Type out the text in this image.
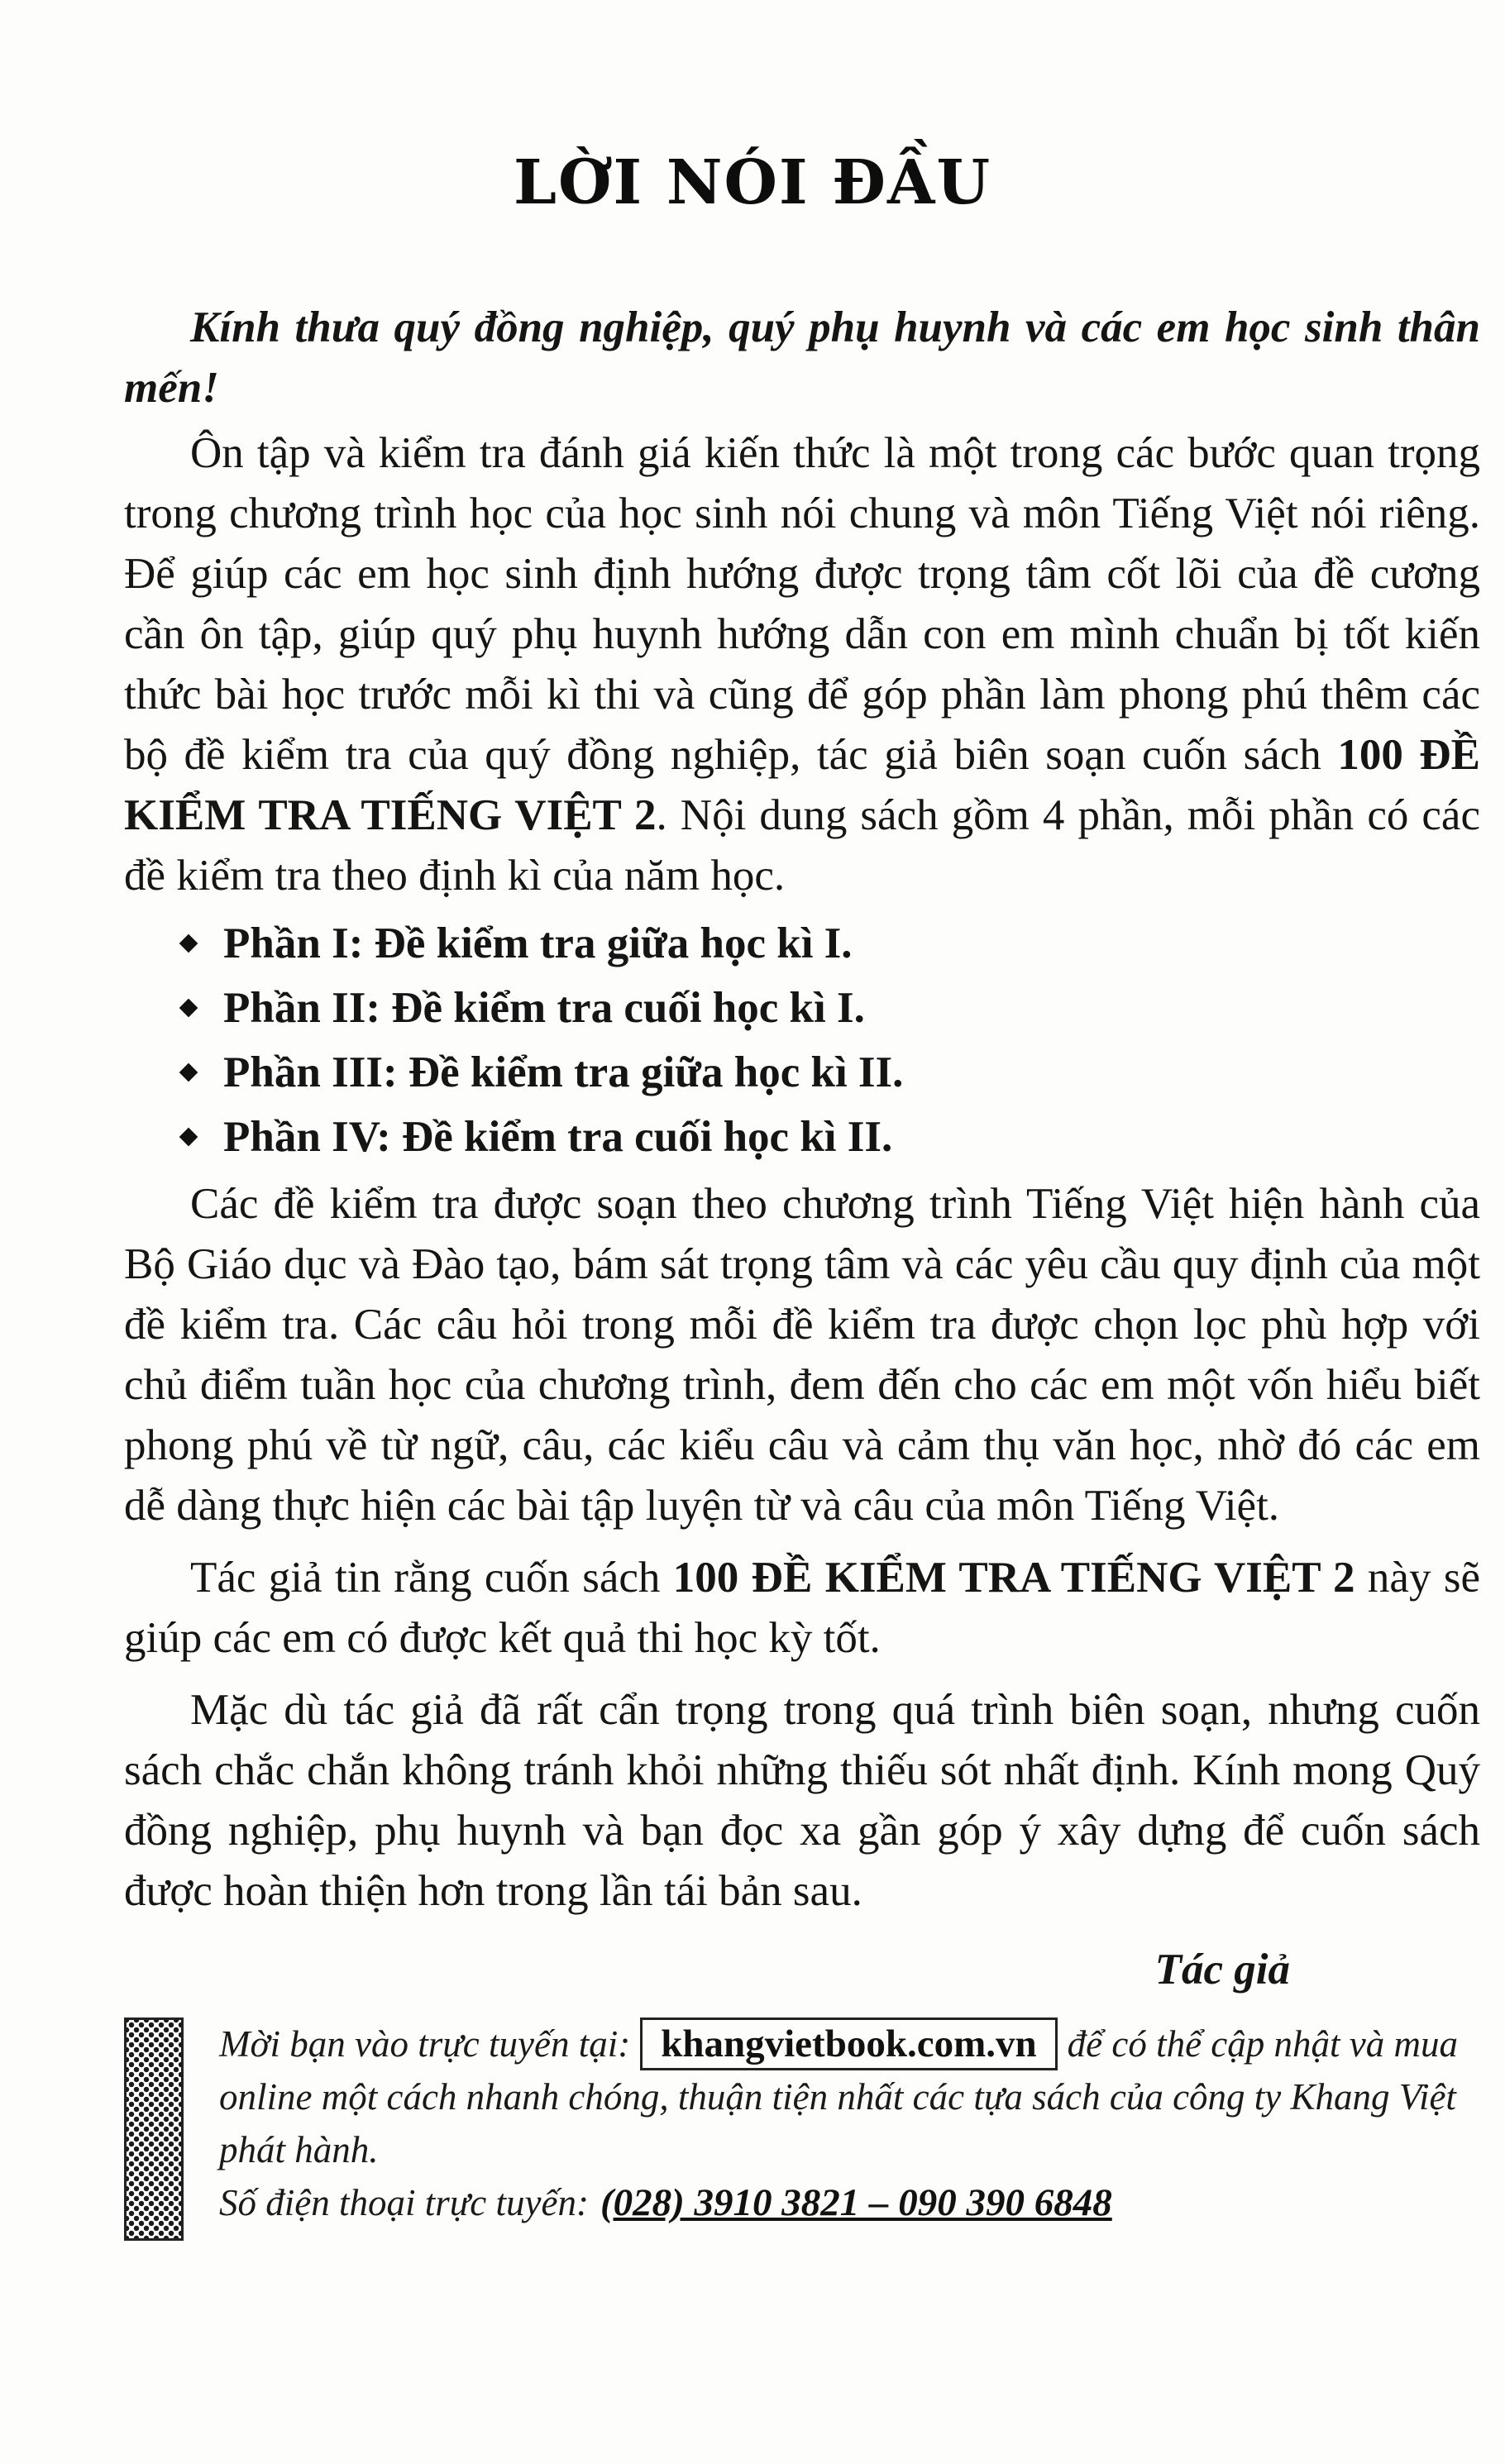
LỜI NÓI ĐẦU

Kính thưa quý đồng nghiệp, quý phụ huynh và các em học sinh thân mến!

Ôn tập và kiểm tra đánh giá kiến thức là một trong các bước quan trọng trong chương trình học của học sinh nói chung và môn Tiếng Việt nói riêng. Để giúp các em học sinh định hướng được trọng tâm cốt lõi của đề cương cần ôn tập, giúp quý phụ huynh hướng dẫn con em mình chuẩn bị tốt kiến thức bài học trước mỗi kì thi và cũng để góp phần làm phong phú thêm các bộ đề kiểm tra của quý đồng nghiệp, tác giả biên soạn cuốn sách 100 ĐỀ KIỂM TRA TIẾNG VIỆT 2. Nội dung sách gồm 4 phần, mỗi phần có các đề kiểm tra theo định kì của năm học.

Phần I: Đề kiểm tra giữa học kì I.
Phần II: Đề kiểm tra cuối học kì I.
Phần III: Đề kiểm tra giữa học kì II.
Phần IV: Đề kiểm tra cuối học kì II.

Các đề kiểm tra được soạn theo chương trình Tiếng Việt hiện hành của Bộ Giáo dục và Đào tạo, bám sát trọng tâm và các yêu cầu quy định của một đề kiểm tra. Các câu hỏi trong mỗi đề kiểm tra được chọn lọc phù hợp với chủ điểm tuần học của chương trình, đem đến cho các em một vốn hiểu biết phong phú về từ ngữ, câu, các kiểu câu và cảm thụ văn học, nhờ đó các em dễ dàng thực hiện các bài tập luyện từ và câu của môn Tiếng Việt.

Tác giả tin rằng cuốn sách 100 ĐỀ KIỂM TRA TIẾNG VIỆT 2 này sẽ giúp các em có được kết quả thi học kỳ tốt.

Mặc dù tác giả đã rất cẩn trọng trong quá trình biên soạn, nhưng cuốn sách chắc chắn không tránh khỏi những thiếu sót nhất định. Kính mong Quý đồng nghiệp, phụ huynh và bạn đọc xa gần góp ý xây dựng để cuốn sách được hoàn thiện hơn trong lần tái bản sau.

Tác giả

Mời bạn vào trực tuyến tại: khangvietbook.com.vn để có thể cập nhật và mua online một cách nhanh chóng, thuận tiện nhất các tựa sách của công ty Khang Việt phát hành.

Số điện thoại trực tuyến: (028) 3910 3821 – 090 390 6848
